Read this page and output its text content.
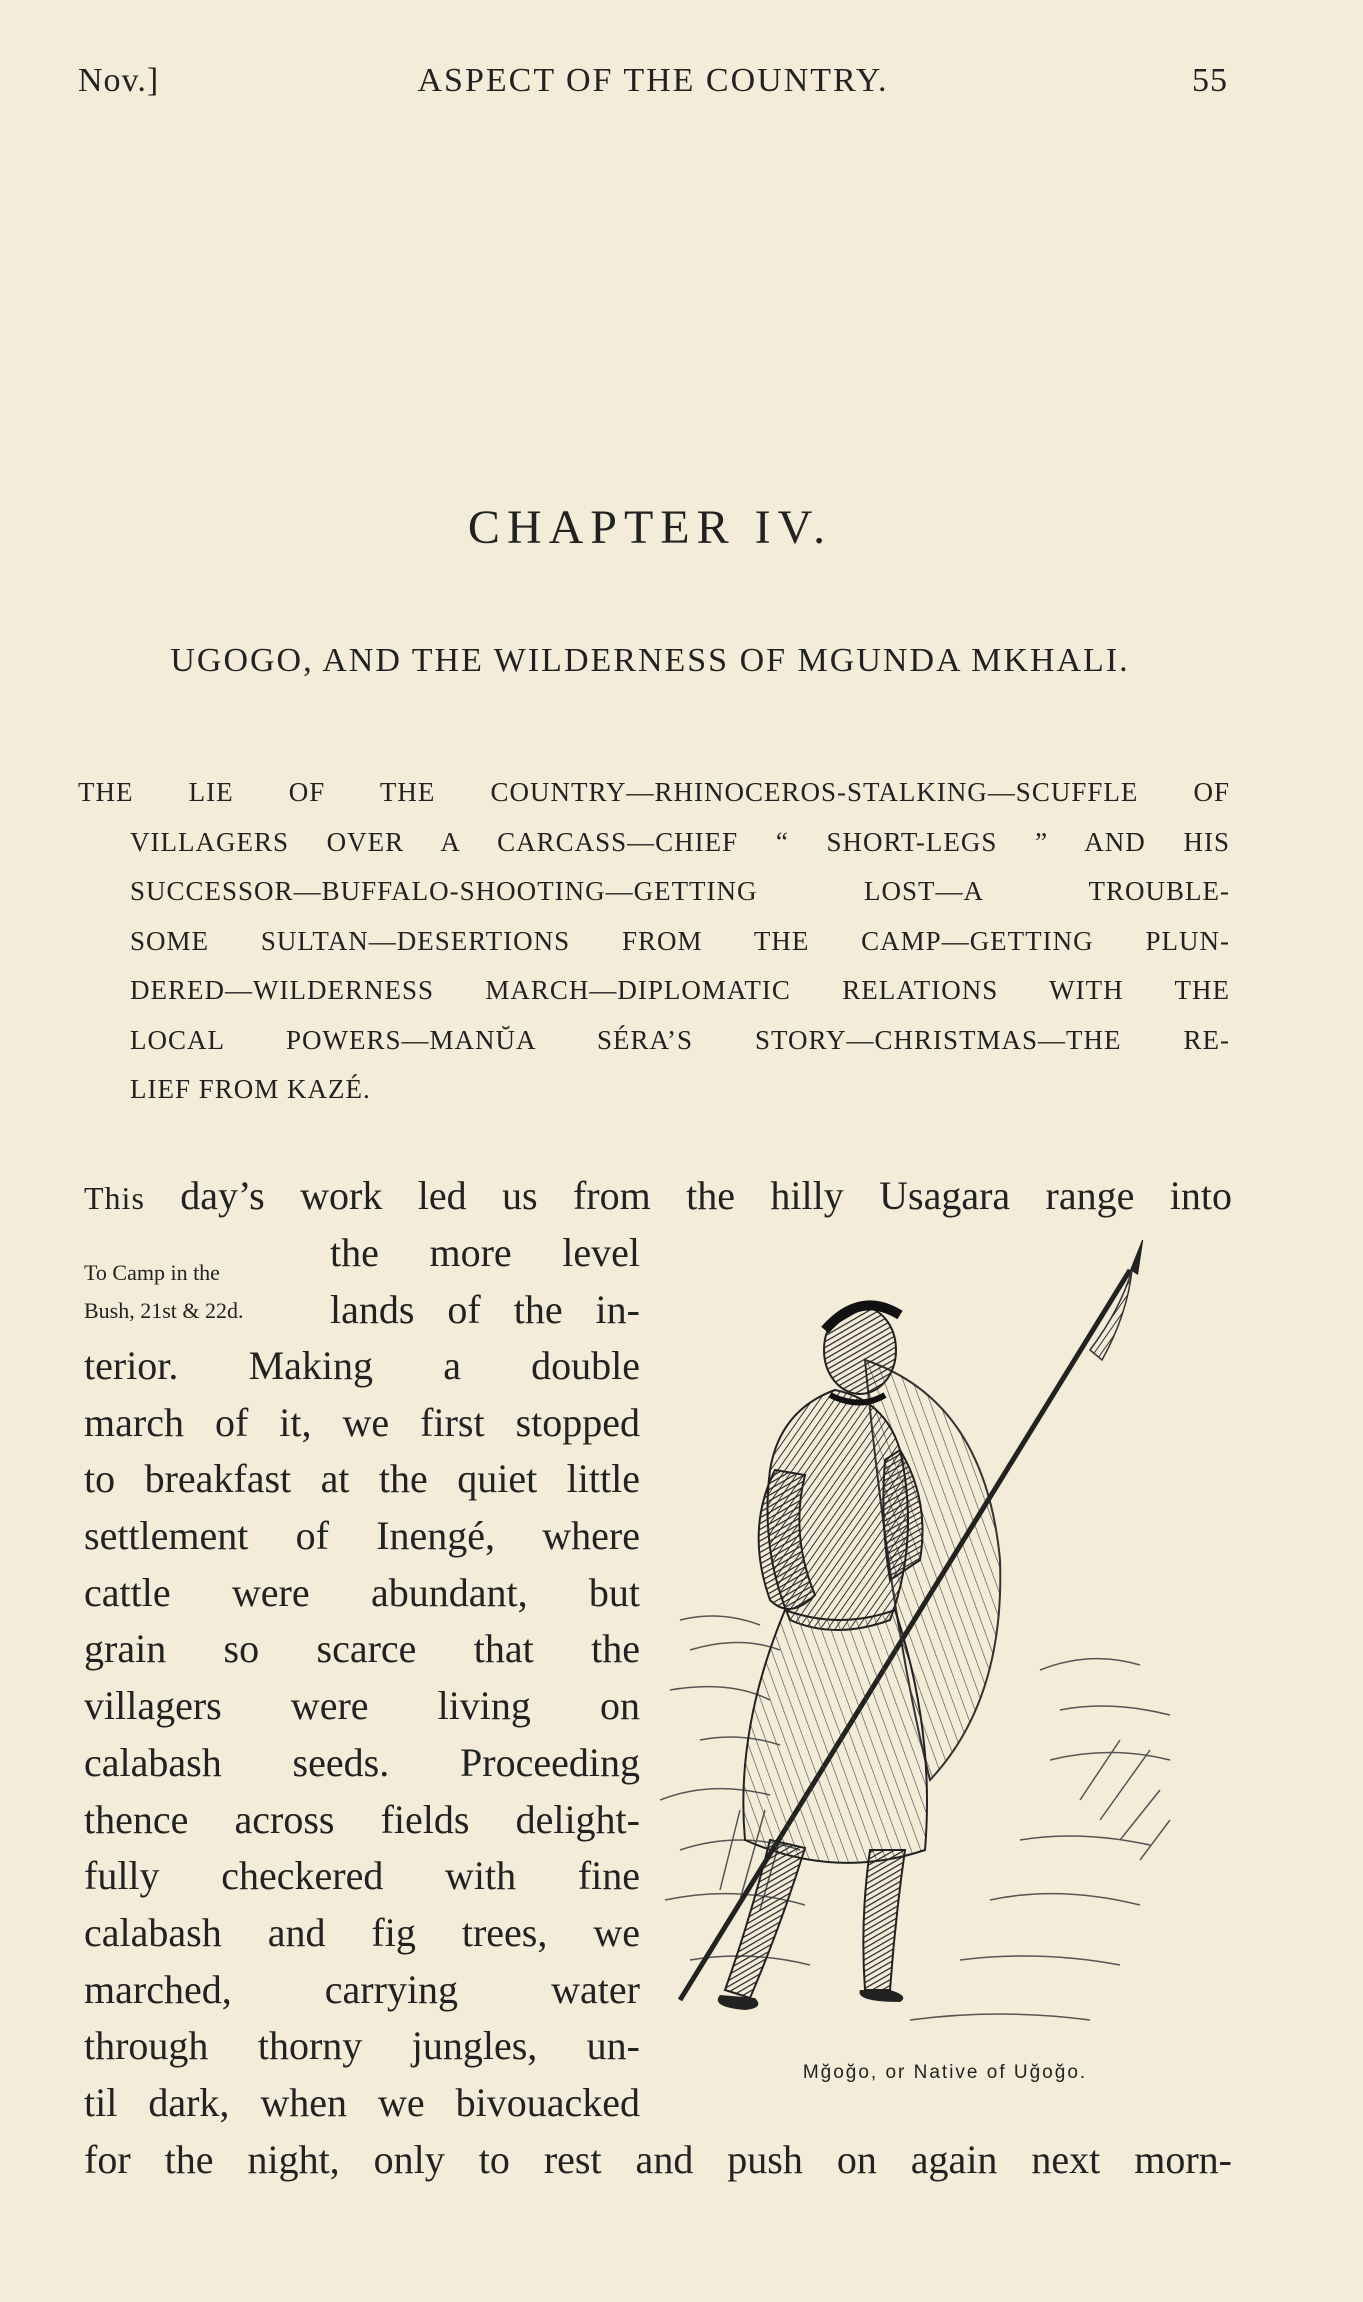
Nov.]	ASPECT OF THE COUNTRY.	55
CHAPTER IV.
UGOGO, AND THE WILDERNESS OF MGUNDA MKHALI.
THE LIE OF THE COUNTRY—RHINOCEROS-STALKING—SCUFFLE OF
VILLAGERS OVER A CARCASS—CHIEF “ SHORT-LEGS ” AND HIS
SUCCESSOR—BUFFALO-SHOOTING—GETTING LOST—A TROUBLE-
SOME SULTAN—DESERTIONS FROM THE CAMP—GETTING PLUN-
DERED—WILDERNESS MARCH—DIPLOMATIC RELATIONS WITH THE
LOCAL POWERS—MANŬA SÉRA’S STORY—CHRISTMAS—THE RE-
LIEF FROM KAZÉ.
This day’s work led us from the hilly Usagara range into
To Camp in the
Bush, 21st & 22d.
the more level
lands of the in-
terior. Making a double
march of it, we first stopped
to breakfast at the quiet little
settlement of Inengé, where
cattle were abundant, but
grain so scarce that the
villagers were living on
calabash seeds. Proceeding
thence across fields delight-
fully checkered with fine
calabash and fig trees, we
marched, carrying water
through thorny jungles, un-
til dark, when we bivouacked
for the night, only to rest and push on again next morn-
Mğoğo, or Native of Uğoğo.
